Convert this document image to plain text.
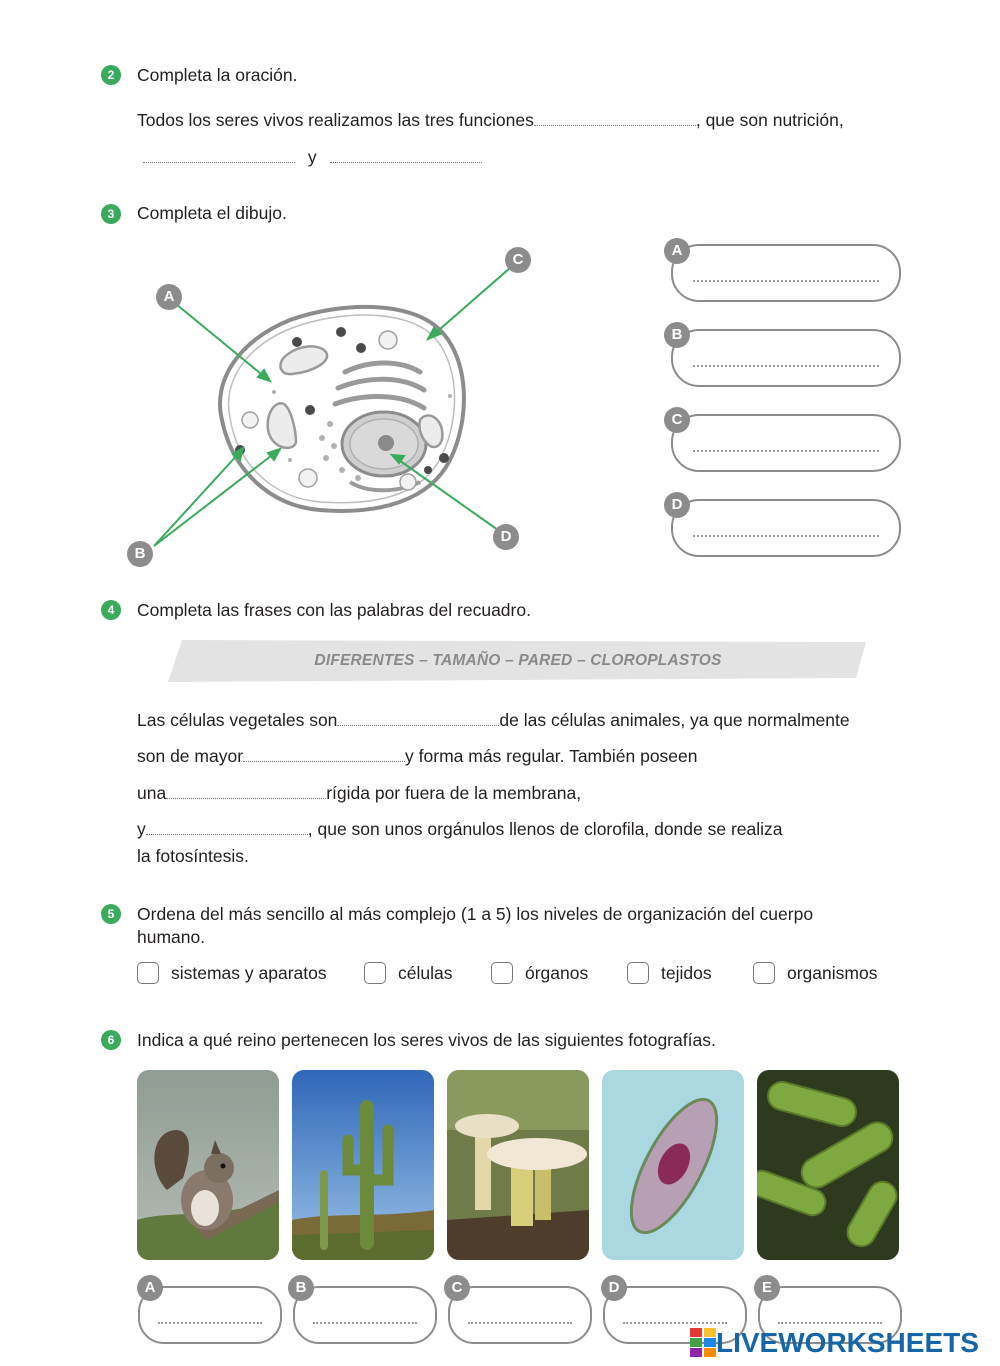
2	Completa la oración.
Todos los seres vivos realizamos las tres funciones	, que son nutrición,
y
3	Completa el dibujo.
A
C
B
D
A
B
C
D
4	Completa las frases con las palabras del recuadro.
DIFERENTES – TAMAÑO – PARED – CLOROPLASTOS
Las células vegetales son	de las células animales, ya que normalmente
son de mayor	y forma más regular. También poseen
una	rígida por fuera de la membrana,
y	, que son unos orgánulos llenos de clorofila, donde se realiza
la fotosíntesis.
5	Ordena del más sencillo al más complejo (1 a 5) los niveles de organización del cuerpo
humano.
sistemas y aparatos	células	órganos	tejidos	organismos
6	Indica a qué reino pertenecen los seres vivos de las siguientes fotografías.
A	B	C	D	E
LIVEWORKSHEETS
